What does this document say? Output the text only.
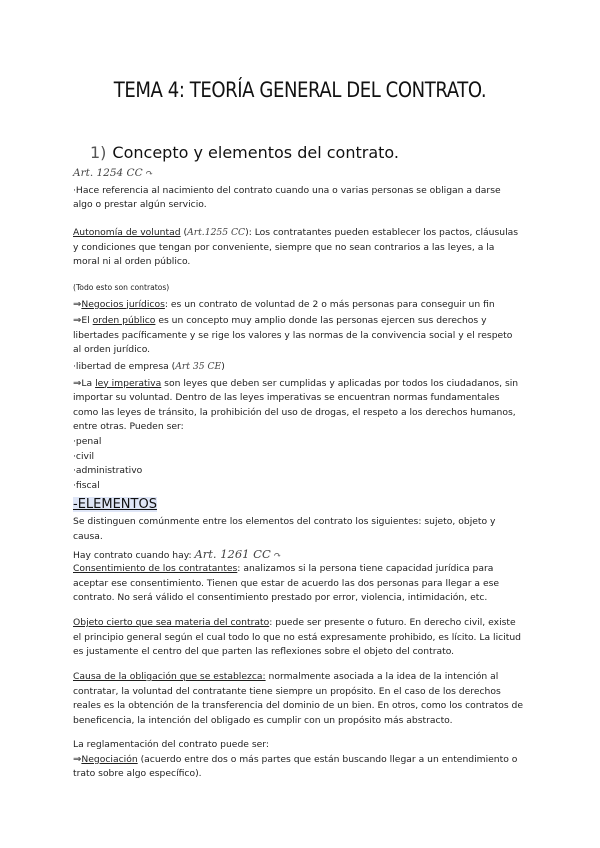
TEMA 4: TEORÍA GENERAL DEL CONTRATO.
1) Concepto y elementos del contrato.

Art. 1254 CC ↷

·Hace referencia al nacimiento del contrato cuando una o varias personas se obligan a darse algo o prestar algún servicio.

Autonomía de voluntad (Art.1255 CC): Los contratantes pueden establecer los pactos, cláusulas y condiciones que tengan por conveniente, siempre que no sean contrarios a las leyes, a la moral ni al orden público.

(Todo esto son contratos)

⇒Negocios jurídicos: es un contrato de voluntad de 2 o más personas para conseguir un fin

⇒El orden público es un concepto muy amplio donde las personas ejercen sus derechos y libertades pacíficamente y se rige los valores y las normas de la convivencia social y el respeto al orden jurídico.

·libertad de empresa (Art 35 CE)

⇒La ley imperativa son leyes que deben ser cumplidas y aplicadas por todos los ciudadanos, sin importar su voluntad. Dentro de las leyes imperativas se encuentran normas fundamentales como las leyes de tránsito, la prohibición del uso de drogas, el respeto a los derechos humanos, entre otras. Pueden ser:

·penal

·civil

·administrativo

·fiscal

-ELEMENTOS

Se distinguen comúnmente entre los elementos del contrato los siguientes: sujeto, objeto y causa.

Hay contrato cuando hay: Art. 1261 CC ↷

Consentimiento de los contratantes: analizamos si la persona tiene capacidad jurídica para aceptar ese consentimiento. Tienen que estar de acuerdo las dos personas para llegar a ese contrato. No será válido el consentimiento prestado por error, violencia, intimidación, etc.

Objeto cierto que sea materia del contrato: puede ser presente o futuro. En derecho civil, existe el principio general según el cual todo lo que no está expresamente prohibido, es lícito. La licitud es justamente el centro del que parten las reflexiones sobre el objeto del contrato.

Causa de la obligación que se establezca: normalmente asociada a la idea de la intención al contratar, la voluntad del contratante tiene siempre un propósito. En el caso de los derechos reales es la obtención de la transferencia del dominio de un bien. En otros, como los contratos de beneficencia, la intención del obligado es cumplir con un propósito más abstracto.

La reglamentación del contrato puede ser:

⇒Negociación (acuerdo entre dos o más partes que están buscando llegar a un entendimiento o trato sobre algo específico).
